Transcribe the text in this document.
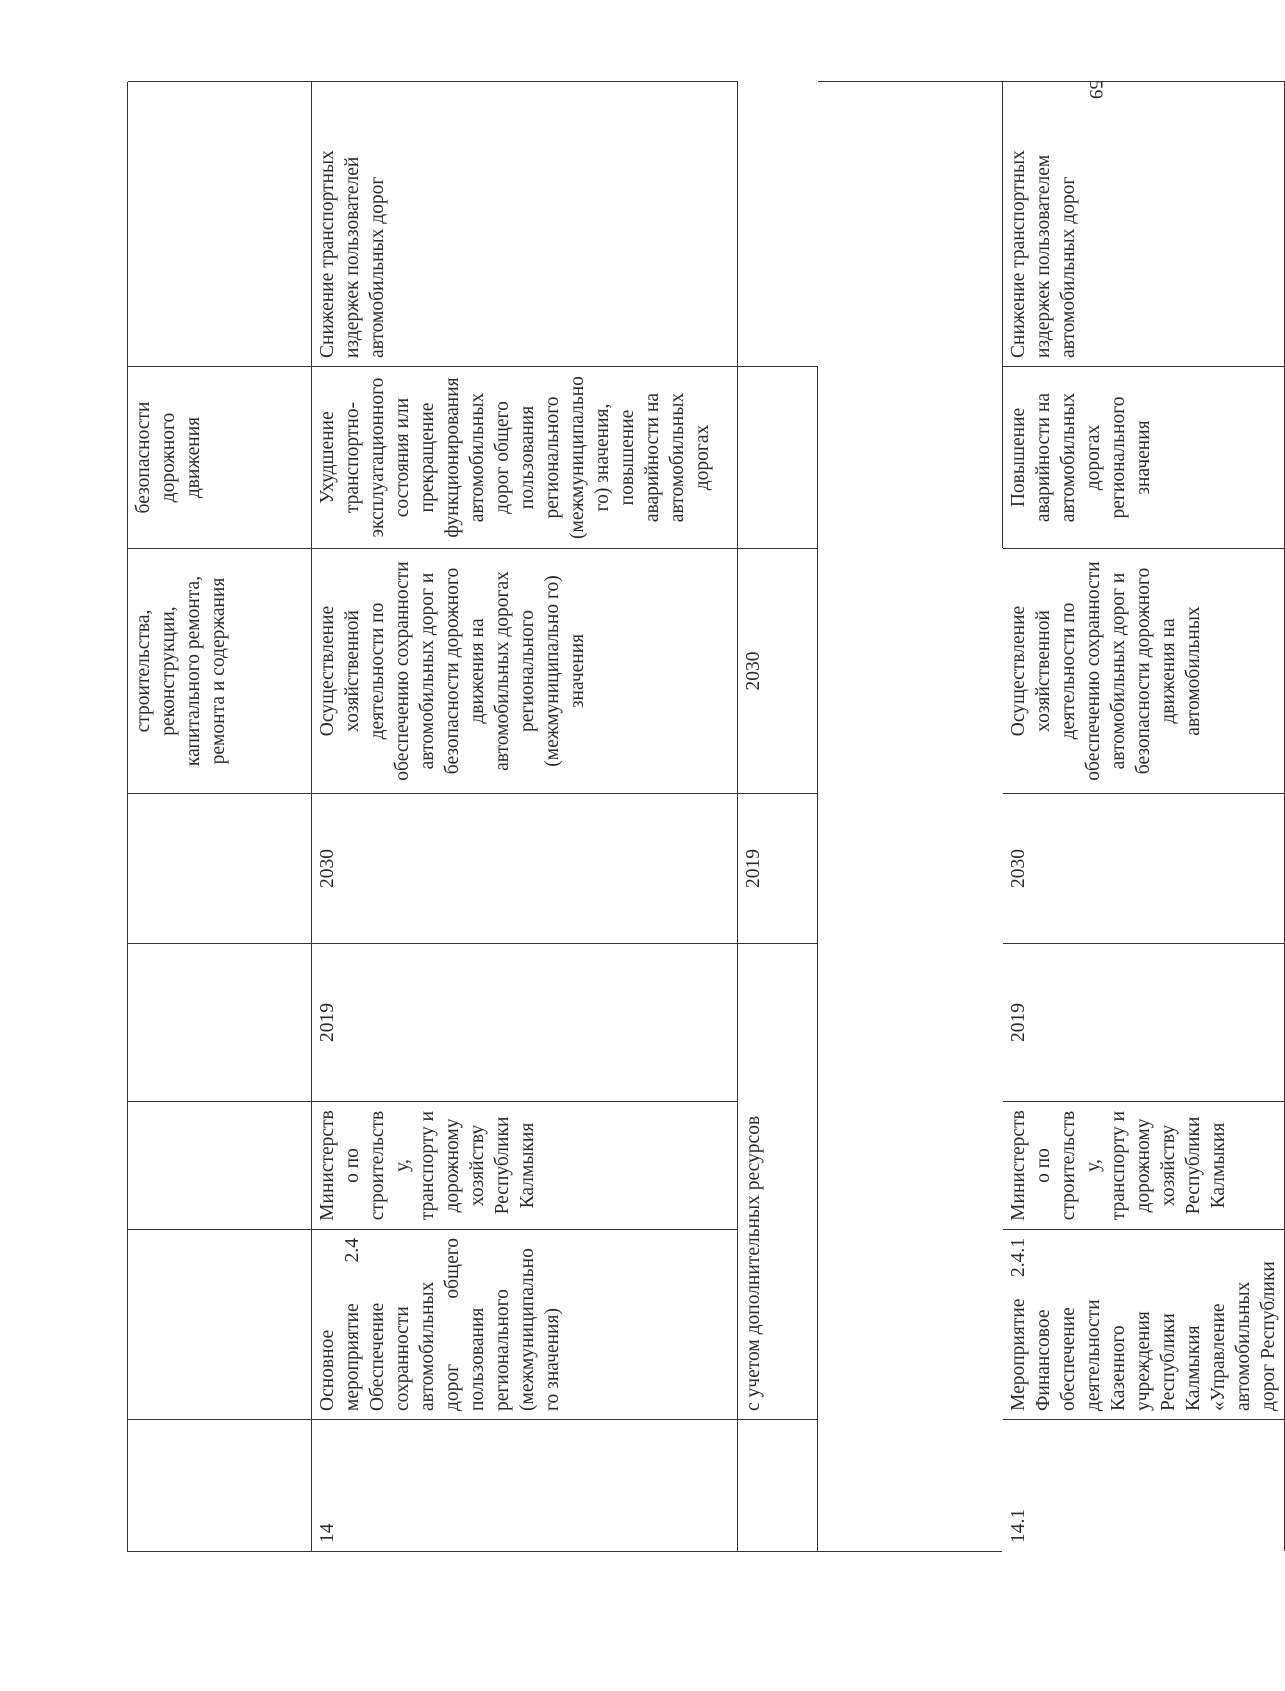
59
строительства, реконструкции, капитального ремонта, ремонта и содержания
безопасности дорожного движения
14
Основное мероприятие 2.4 Обеспечение сохранности автомобильных дорог общего пользования регионального (межмуниципально го значения)
Министерств о по строительств у, транспорту и дорожному хозяйству Республики Калмыкия
2019
2030
Осуществление хозяйственной деятельности по обеспечению сохранности автомобильных дорог и безопасности дорожного движения на автомобильных дорогах регионального (межмуниципально го) значения
Ухудшение транспортно-эксплуатационного состояния или прекращение функционирования автомобильных дорог общего пользования регионального (межмуниципально го) значения, повышение аварийности на автомобильных дорогах
Снижение транспортных издержек пользователей автомобильных дорог
с учетом дополнительных ресурсов
2019
2030
14.1
Мероприятие 2.4.1 Финансовое обеспечение деятельности Казенного учреждения Республики Калмыкия «Управление автомобильных дорог Республики
Министерств о по строительств у, транспорту и дорожному хозяйству Республики Калмыкия
2019
2030
Осуществление хозяйственной деятельности по обеспечению сохранности автомобильных дорог и безопасности дорожного движения на автомобильных
Повышение аварийности на автомобильных дорогах регионального значения
Снижение транспортных издержек пользователем автомобильных дорог
